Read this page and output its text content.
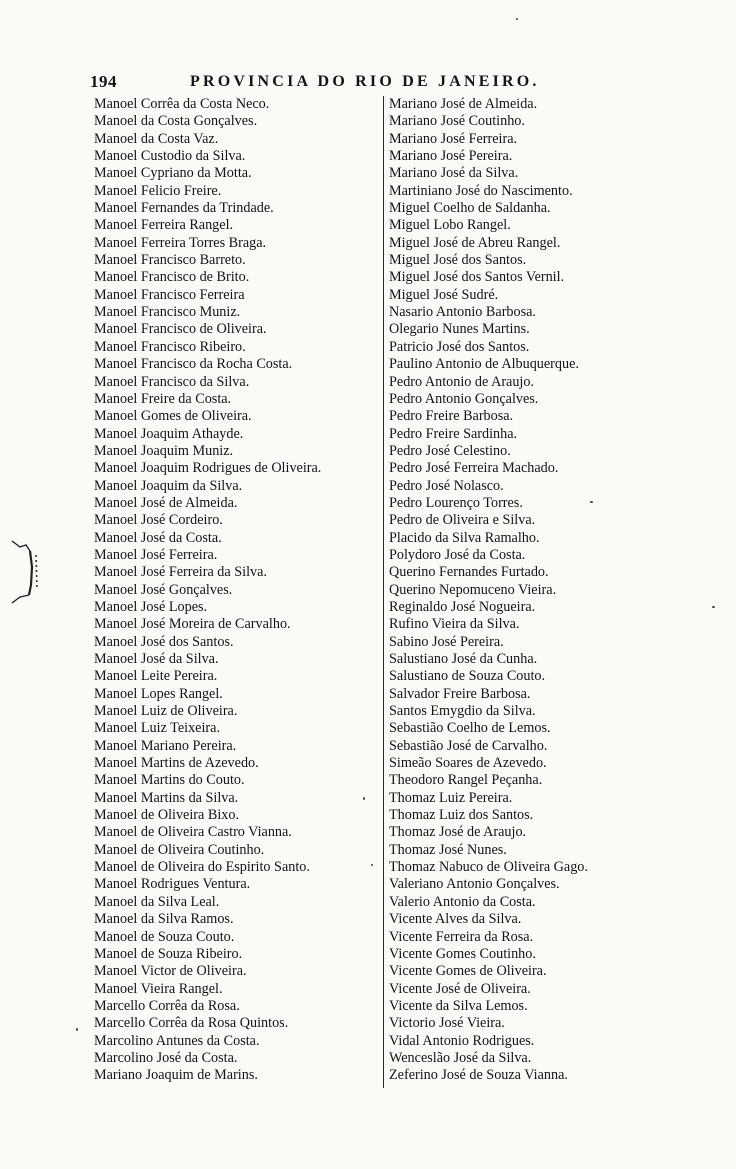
194	PROVINCIA DO RIO DE JANEIRO.
Manoel Corrêa da Costa Neco.
Manoel da Costa Gonçalves.
Manoel da Costa Vaz.
Manoel Custodio da Silva.
Manoel Cypriano da Motta.
Manoel Felicio Freire.
Manoel Fernandes da Trindade.
Manoel Ferreira Rangel.
Manoel Ferreira Torres Braga.
Manoel Francisco Barreto.
Manoel Francisco de Brito.
Manoel Francisco Ferreira
Manoel Francisco Muniz.
Manoel Francisco de Oliveira.
Manoel Francisco Ribeiro.
Manoel Francisco da Rocha Costa.
Manoel Francisco da Silva.
Manoel Freire da Costa.
Manoel Gomes de Oliveira.
Manoel Joaquim Athayde.
Manoel Joaquim Muniz.
Manoel Joaquim Rodrigues de Oliveira.
Manoel Joaquim da Silva.
Manoel José de Almeida.
Manoel José Cordeiro.
Manoel José da Costa.
Manoel José Ferreira.
Manoel José Ferreira da Silva.
Manoel José Gonçalves.
Manoel José Lopes.
Manoel José Moreira de Carvalho.
Manoel José dos Santos.
Manoel José da Silva.
Manoel Leite Pereira.
Manoel Lopes Rangel.
Manoel Luiz de Oliveira.
Manoel Luiz Teixeira.
Manoel Mariano Pereira.
Manoel Martins de Azevedo.
Manoel Martins do Couto.
Manoel Martins da Silva.
Manoel de Oliveira Bixo.
Manoel de Oliveira Castro Vianna.
Manoel de Oliveira Coutinho.
Manoel de Oliveira do Espirito Santo.
Manoel Rodrigues Ventura.
Manoel da Silva Leal.
Manoel da Silva Ramos.
Manoel de Souza Couto.
Manoel de Souza Ribeiro.
Manoel Victor de Oliveira.
Manoel Vieira Rangel.
Marcello Corrêa da Rosa.
Marcello Corrêa da Rosa Quintos.
Marcolino Antunes da Costa.
Marcolino José da Costa.
Mariano Joaquim de Marins.
Mariano José de Almeida.
Mariano José Coutinho.
Mariano José Ferreira.
Mariano José Pereira.
Mariano José da Silva.
Martiniano José do Nascimento.
Miguel Coelho de Saldanha.
Miguel Lobo Rangel.
Miguel José de Abreu Rangel.
Miguel José dos Santos.
Miguel José dos Santos Vernil.
Miguel José Sudré.
Nasario Antonio Barbosa.
Olegario Nunes Martins.
Patricio José dos Santos.
Paulino Antonio de Albuquerque.
Pedro Antonio de Araujo.
Pedro Antonio Gonçalves.
Pedro Freire Barbosa.
Pedro Freire Sardinha.
Pedro José Celestino.
Pedro José Ferreira Machado.
Pedro José Nolasco.
Pedro Lourenço Torres.
Pedro de Oliveira e Silva.
Placido da Silva Ramalho.
Polydoro José da Costa.
Querino Fernandes Furtado.
Querino Nepomuceno Vieira.
Reginaldo José Nogueira.
Rufino Vieira da Silva.
Sabino José Pereira.
Salustiano José da Cunha.
Salustiano de Souza Couto.
Salvador Freire Barbosa.
Santos Emygdio da Silva.
Sebastião Coelho de Lemos.
Sebastião José de Carvalho.
Simeão Soares de Azevedo.
Theodoro Rangel Peçanha.
Thomaz Luiz Pereira.
Thomaz Luiz dos Santos.
Thomaz José de Araujo.
Thomaz José Nunes.
Thomaz Nabuco de Oliveira Gago.
Valeriano Antonio Gonçalves.
Valerio Antonio da Costa.
Vicente Alves da Silva.
Vicente Ferreira da Rosa.
Vicente Gomes Coutinho.
Vicente Gomes de Oliveira.
Vicente José de Oliveira.
Vicente da Silva Lemos.
Victorio José Vieira.
Vidal Antonio Rodrigues.
Wenceslão José da Silva.
Zeferino José de Souza Vianna.
